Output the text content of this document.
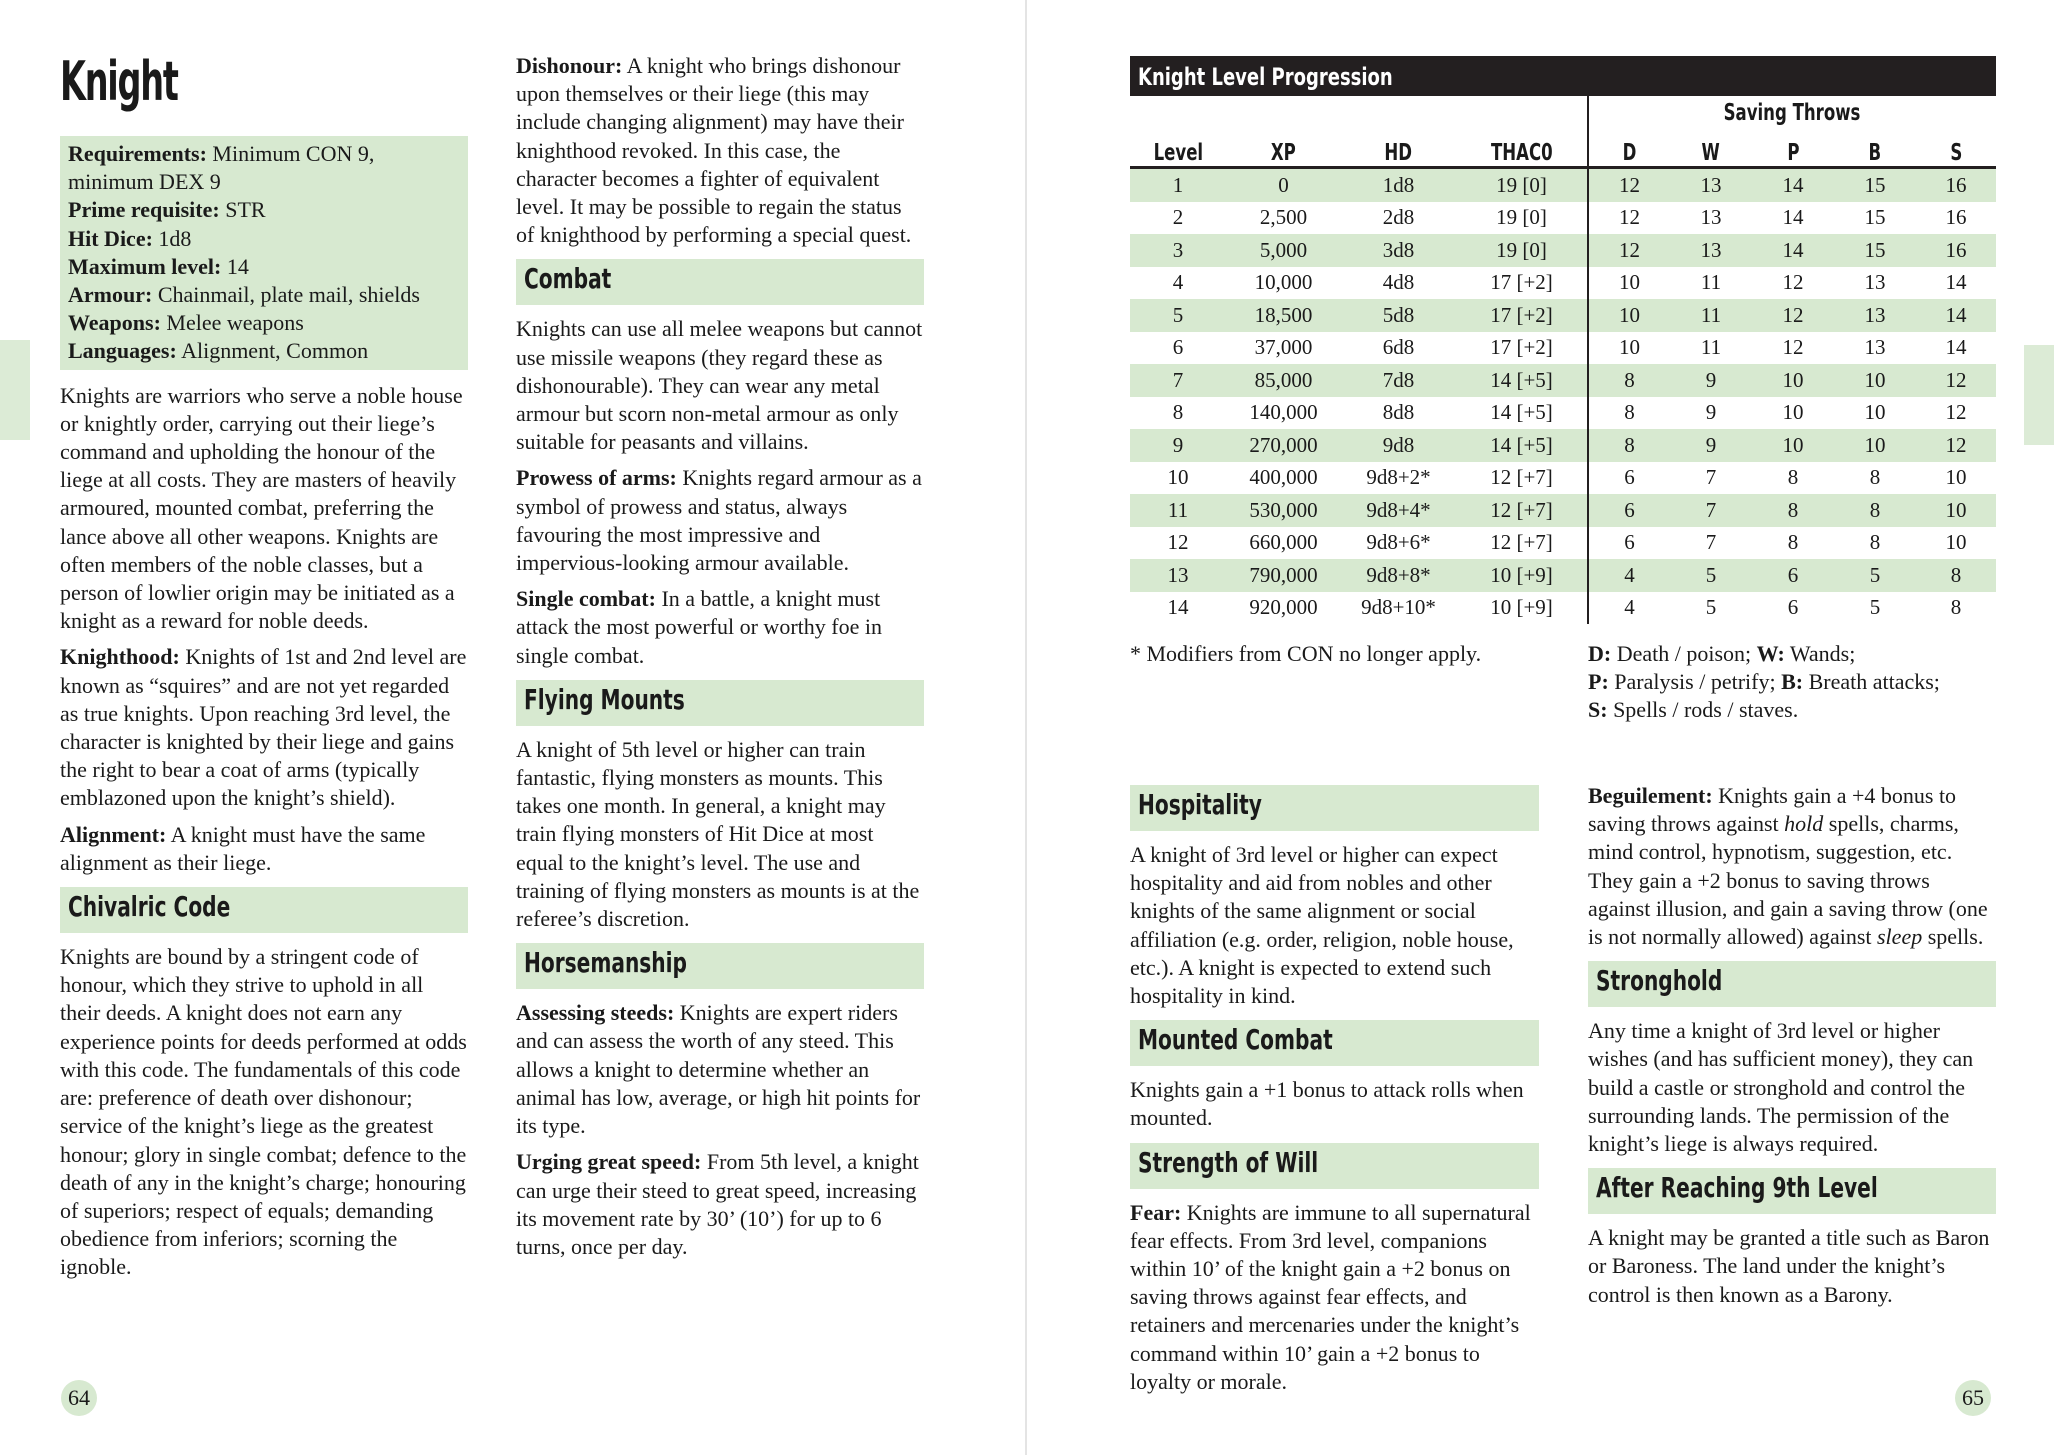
Knight
Requirements: Minimum CON 9,
minimum DEX 9
Prime requisite: STR
Hit Dice: 1d8
Maximum level: 14
Armour: Chainmail, plate mail, shields
Weapons: Melee weapons
Languages: Alignment, Common

Knights are warriors who serve a noble house or knightly order, carrying out their liege’s command and upholding the honour of the liege at all costs. They are masters of heavily armoured, mounted combat, preferring the lance above all other weapons. Knights are often members of the noble classes, but a person of lowlier origin may be initiated as a knight as a reward for noble deeds.

Knighthood: Knights of 1st and 2nd level are known as “squires” and are not yet regarded as true knights. Upon reaching 3rd level, the character is knighted by their liege and gains the right to bear a coat of arms (typically emblazoned upon the knight’s shield).

Alignment: A knight must have the same alignment as their liege.

Chivalric Code

Knights are bound by a stringent code of honour, which they strive to uphold in all their deeds. A knight does not earn any experience points for deeds performed at odds with this code. The fundamentals of this code are: preference of death over dishonour; service of the knight’s liege as the greatest honour; glory in single combat; defence to the death of any in the knight’s charge; honouring of superiors; respect of equals; demanding obedience from inferiors; scorning the ignoble.

Dishonour: A knight who brings dishonour upon themselves or their liege (this may include changing alignment) may have their knighthood revoked. In this case, the character becomes a fighter of equivalent level. It may be possible to regain the status of knighthood by performing a special quest.

Combat

Knights can use all melee weapons but cannot use missile weapons (they regard these as dishonourable). They can wear any metal armour but scorn non-metal armour as only suitable for peasants and villains.

Prowess of arms: Knights regard armour as a symbol of prowess and status, always favouring the most impressive and impervious-looking armour available.

Single combat: In a battle, a knight must attack the most powerful or worthy foe in single combat.

Flying Mounts

A knight of 5th level or higher can train fantastic, flying monsters as mounts. This takes one month. In general, a knight may train flying monsters of Hit Dice at most equal to the knight’s level. The use and training of flying monsters as mounts is at the referee’s discretion.

Horsemanship

Assessing steeds: Knights are expert riders and can assess the worth of any steed. This allows a knight to determine whether an animal has low, average, or high hit points for its type.

Urging great speed: From 5th level, a knight can urge their steed to great speed, increasing its movement rate by 30’ (10’) for up to 6 turns, once per day.

64
Knight Level Progression
Saving Throws
Level	XP	HD	THAC0	D	W	P	B	S
1	0	1d8	19 [0]	12	13	14	15	16
2	2,500	2d8	19 [0]	12	13	14	15	16
3	5,000	3d8	19 [0]	12	13	14	15	16
4	10,000	4d8	17 [+2]	10	11	12	13	14
5	18,500	5d8	17 [+2]	10	11	12	13	14
6	37,000	6d8	17 [+2]	10	11	12	13	14
7	85,000	7d8	14 [+5]	8	9	10	10	12
8	140,000	8d8	14 [+5]	8	9	10	10	12
9	270,000	9d8	14 [+5]	8	9	10	10	12
10	400,000	9d8+2*	12 [+7]	6	7	8	8	10
11	530,000	9d8+4*	12 [+7]	6	7	8	8	10
12	660,000	9d8+6*	12 [+7]	6	7	8	8	10
13	790,000	9d8+8*	10 [+9]	4	5	6	5	8
14	920,000	9d8+10*	10 [+9]	4	5	6	5	8
* Modifiers from CON no longer apply.	D: Death / poison; W: Wands;
P: Paralysis / petrify; B: Breath attacks;
S: Spells / rods / staves.
Hospitality

A knight of 3rd level or higher can expect hospitality and aid from nobles and other knights of the same alignment or social affiliation (e.g. order, religion, noble house, etc.). A knight is expected to extend such hospitality in kind.

Mounted Combat

Knights gain a +1 bonus to attack rolls when mounted.

Strength of Will

Fear: Knights are immune to all supernatural fear effects. From 3rd level, companions within 10’ of the knight gain a +2 bonus on saving throws against fear effects, and retainers and mercenaries under the knight’s command within 10’ gain a +2 bonus to loyalty or morale.

Beguilement: Knights gain a +4 bonus to saving throws against hold spells, charms, mind control, hypnotism, suggestion, etc. They gain a +2 bonus to saving throws against illusion, and gain a saving throw (one is not normally allowed) against sleep spells.

Stronghold

Any time a knight of 3rd level or higher wishes (and has sufficient money), they can build a castle or stronghold and control the surrounding lands. The permission of the knight’s liege is always required.

After Reaching 9th Level

A knight may be granted a title such as Baron or Baroness. The land under the knight’s control is then known as a Barony.

65
